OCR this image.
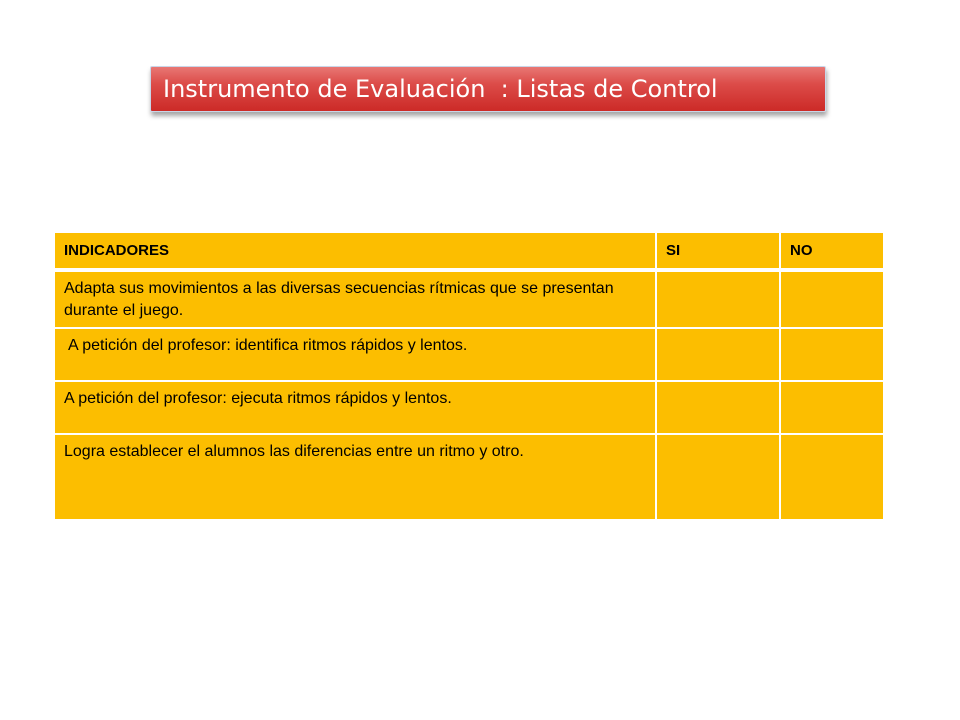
Instrumento de Evaluación  : Listas de Control
INDICADORES	SI	NO

Adapta sus movimientos a las diversas secuencias rítmicas que se presentan durante el juego.		

A petición del profesor: identifica ritmos rápidos y lentos.		

A petición del profesor: ejecuta ritmos rápidos y lentos.		

Logra establecer el alumnos las diferencias entre un ritmo y otro.		
